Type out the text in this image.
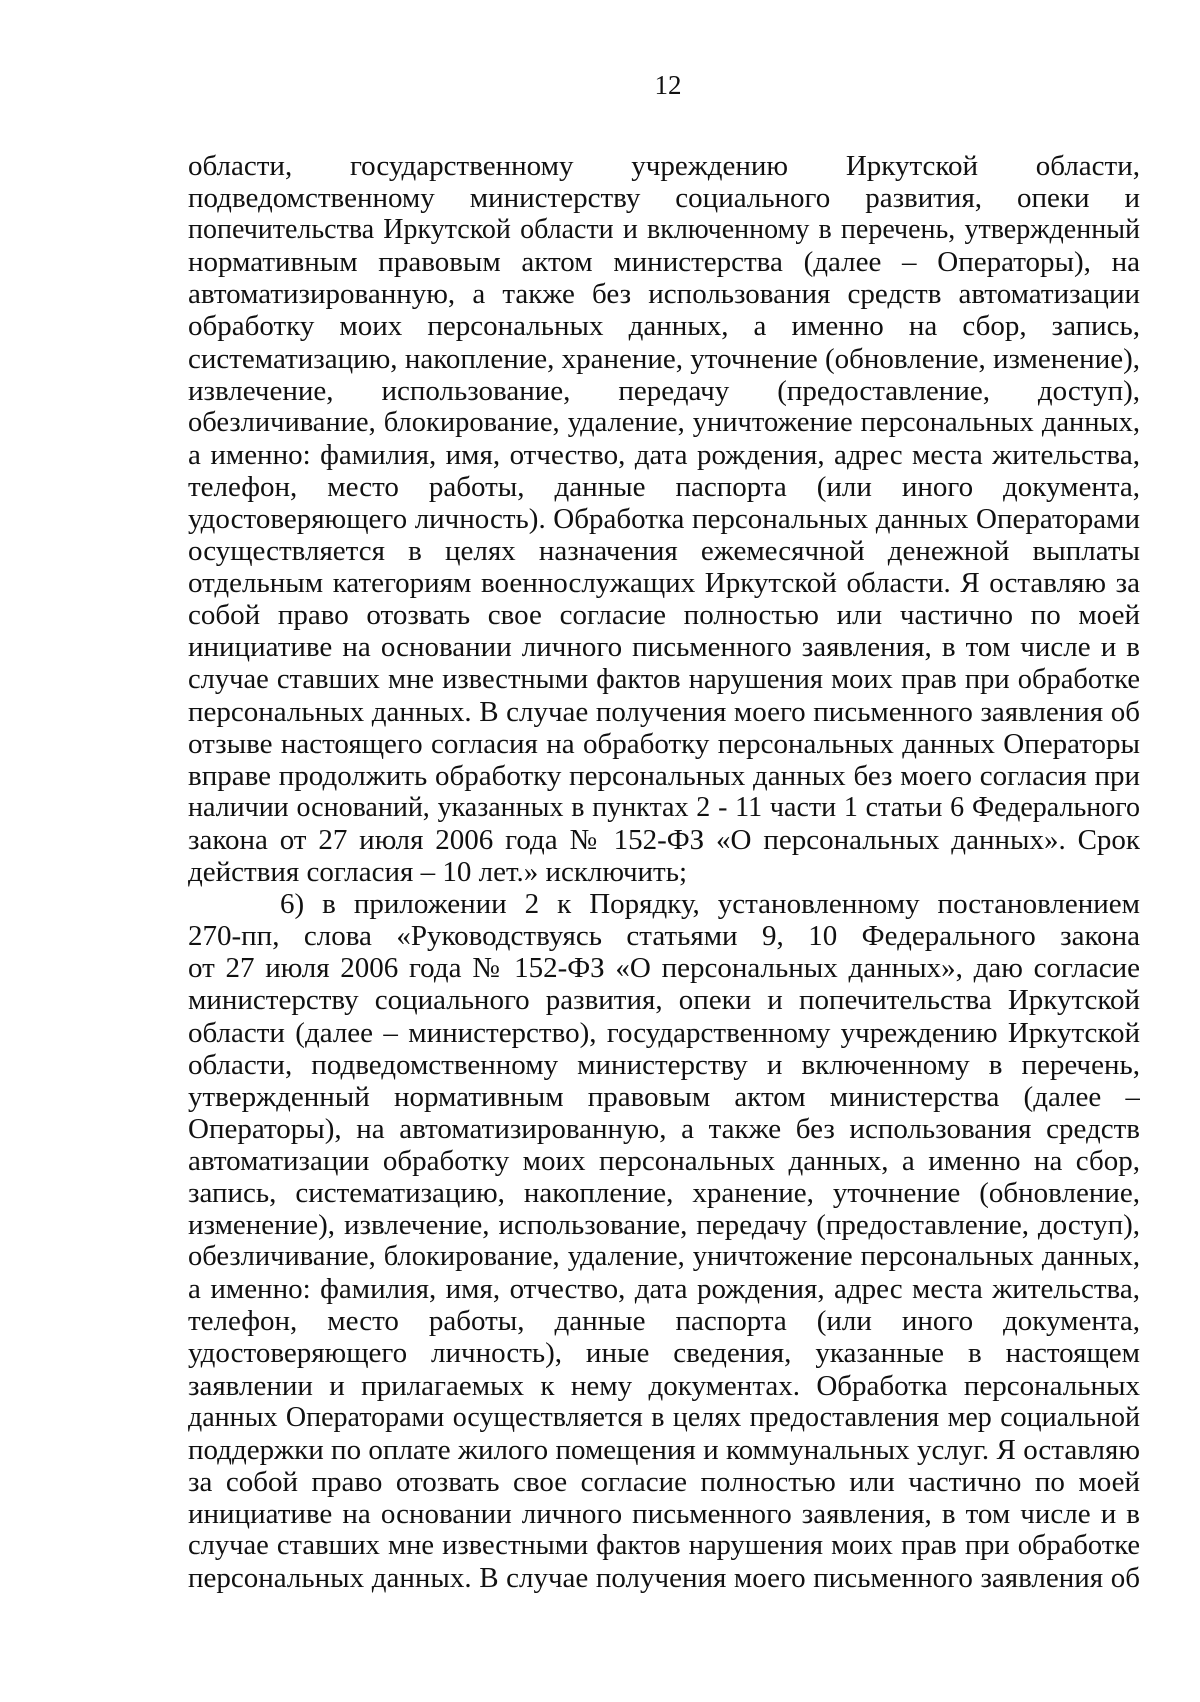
12
области, государственному учреждению Иркутской области,
подведомственному министерству социального развития, опеки и
попечительства Иркутской области и включенному в перечень, утвержденный
нормативным правовым актом министерства (далее – Операторы), на
автоматизированную, а также без использования средств автоматизации
обработку моих персональных данных, а именно на сбор, запись,
систематизацию, накопление, хранение, уточнение (обновление, изменение),
извлечение, использование, передачу (предоставление, доступ),
обезличивание, блокирование, удаление, уничтожение персональных данных,
а именно: фамилия, имя, отчество, дата рождения, адрес места жительства,
телефон, место работы, данные паспорта (или иного документа,
удостоверяющего личность). Обработка персональных данных Операторами
осуществляется в целях назначения ежемесячной денежной выплаты
отдельным категориям военнослужащих Иркутской области. Я оставляю за
собой право отозвать свое согласие полностью или частично по моей
инициативе на основании личного письменного заявления, в том числе и в
случае ставших мне известными фактов нарушения моих прав при обработке
персональных данных. В случае получения моего письменного заявления об
отзыве настоящего согласия на обработку персональных данных Операторы
вправе продолжить обработку персональных данных без моего согласия при
наличии оснований, указанных в пунктах 2 - 11 части 1 статьи 6 Федерального
закона от 27 июля 2006 года № 152-ФЗ «О персональных данных». Срок
действия согласия – 10 лет.» исключить;
6) в приложении 2 к Порядку, установленному постановлением
270-пп, слова «Руководствуясь статьями 9, 10 Федерального закона
от 27 июля 2006 года № 152-ФЗ «О персональных данных», даю согласие
министерству социального развития, опеки и попечительства Иркутской
области (далее – министерство), государственному учреждению Иркутской
области, подведомственному министерству и включенному в перечень,
утвержденный нормативным правовым актом министерства (далее –
Операторы), на автоматизированную, а также без использования средств
автоматизации обработку моих персональных данных, а именно на сбор,
запись, систематизацию, накопление, хранение, уточнение (обновление,
изменение), извлечение, использование, передачу (предоставление, доступ),
обезличивание, блокирование, удаление, уничтожение персональных данных,
а именно: фамилия, имя, отчество, дата рождения, адрес места жительства,
телефон, место работы, данные паспорта (или иного документа,
удостоверяющего личность), иные сведения, указанные в настоящем
заявлении и прилагаемых к нему документах. Обработка персональных
данных Операторами осуществляется в целях предоставления мер социальной
поддержки по оплате жилого помещения и коммунальных услуг. Я оставляю
за собой право отозвать свое согласие полностью или частично по моей
инициативе на основании личного письменного заявления, в том числе и в
случае ставших мне известными фактов нарушения моих прав при обработке
персональных данных. В случае получения моего письменного заявления об
